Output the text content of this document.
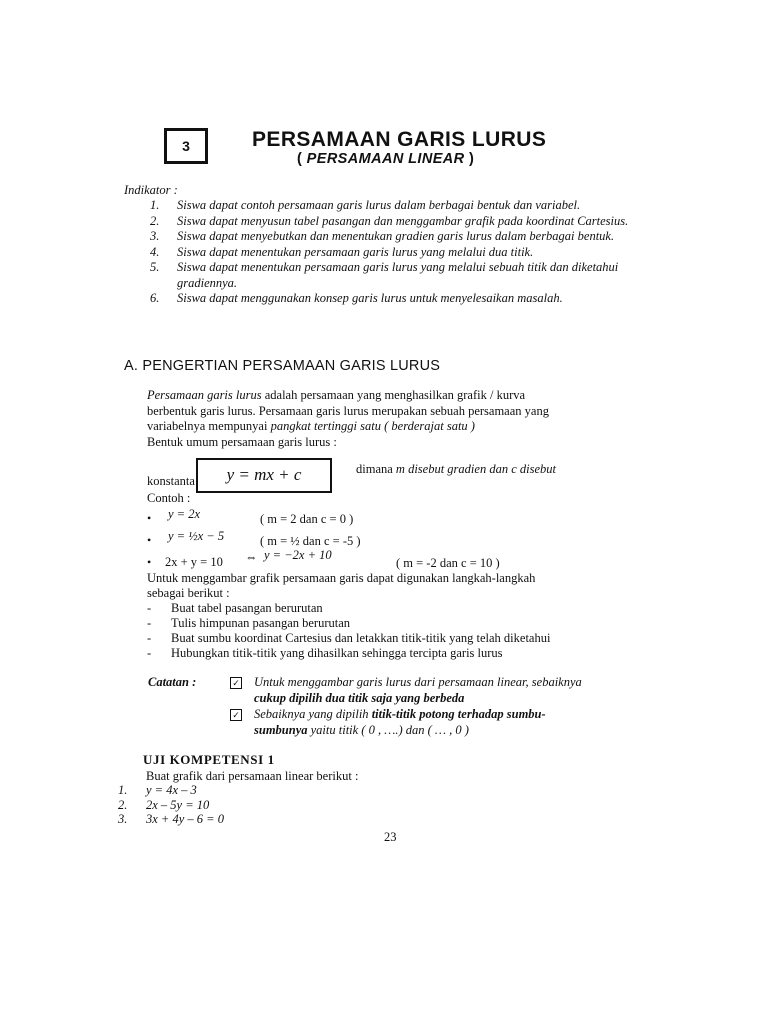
3	PERSAMAAN GARIS LURUS
( PERSAMAAN LINEAR )
Indikator :
1.	Siswa dapat contoh persamaan garis lurus dalam berbagai bentuk dan variabel.
2.	Siswa dapat menyusun tabel pasangan dan menggambar grafik pada koordinat Cartesius.
3.	Siswa dapat menyebutkan dan menentukan gradien garis lurus dalam berbagai bentuk.
4.	Siswa dapat menentukan persamaan garis lurus yang melalui dua titik.
5.	Siswa dapat menentukan persamaan garis lurus yang melalui sebuah titik dan diketahui gradiennya.
6.	Siswa dapat menggunakan konsep garis lurus untuk menyelesaikan masalah.
A. PENGERTIAN PERSAMAAN GARIS LURUS
Persamaan garis lurus adalah persamaan yang menghasilkan grafik / kurva
berbentuk garis lurus. Persamaan garis lurus merupakan sebuah persamaan yang
variabelnya mempunyai pangkat tertinggi satu ( berderajat satu )
Bentuk umum persamaan garis lurus :
konstanta	y = mx + c	dimana m disebut gradien dan c disebut
Contoh :
• y = 2x	( m = 2 dan c = 0 )
• y = ½x − 5	( m = ½ dan c = -5 )
• 2x + y = 10 ⇔ y = −2x + 10
( m = -2 dan c = 10 )
Untuk menggambar grafik persamaan garis dapat digunakan langkah-langkah
sebagai berikut :
-	Buat tabel pasangan berurutan
-	Tulis himpunan pasangan berurutan
-	Buat sumbu koordinat Cartesius dan letakkan titik-titik yang telah diketahui
-	Hubungkan titik-titik yang dihasilkan sehingga tercipta garis lurus
Catatan :	✓ Untuk menggambar garis lurus dari persamaan linear, sebaiknya
cukup dipilih dua titik saja yang berbeda
✓ Sebaiknya yang dipilih titik-titik potong terhadap sumbu-
sumbunya yaitu titik ( 0 , ….) dan ( … , 0 )
UJI KOMPETENSI 1
Buat grafik dari persamaan linear berikut :
1.	y = 4x – 3
2.	2x – 5y = 10
3.	3x + 4y – 6 = 0
23
